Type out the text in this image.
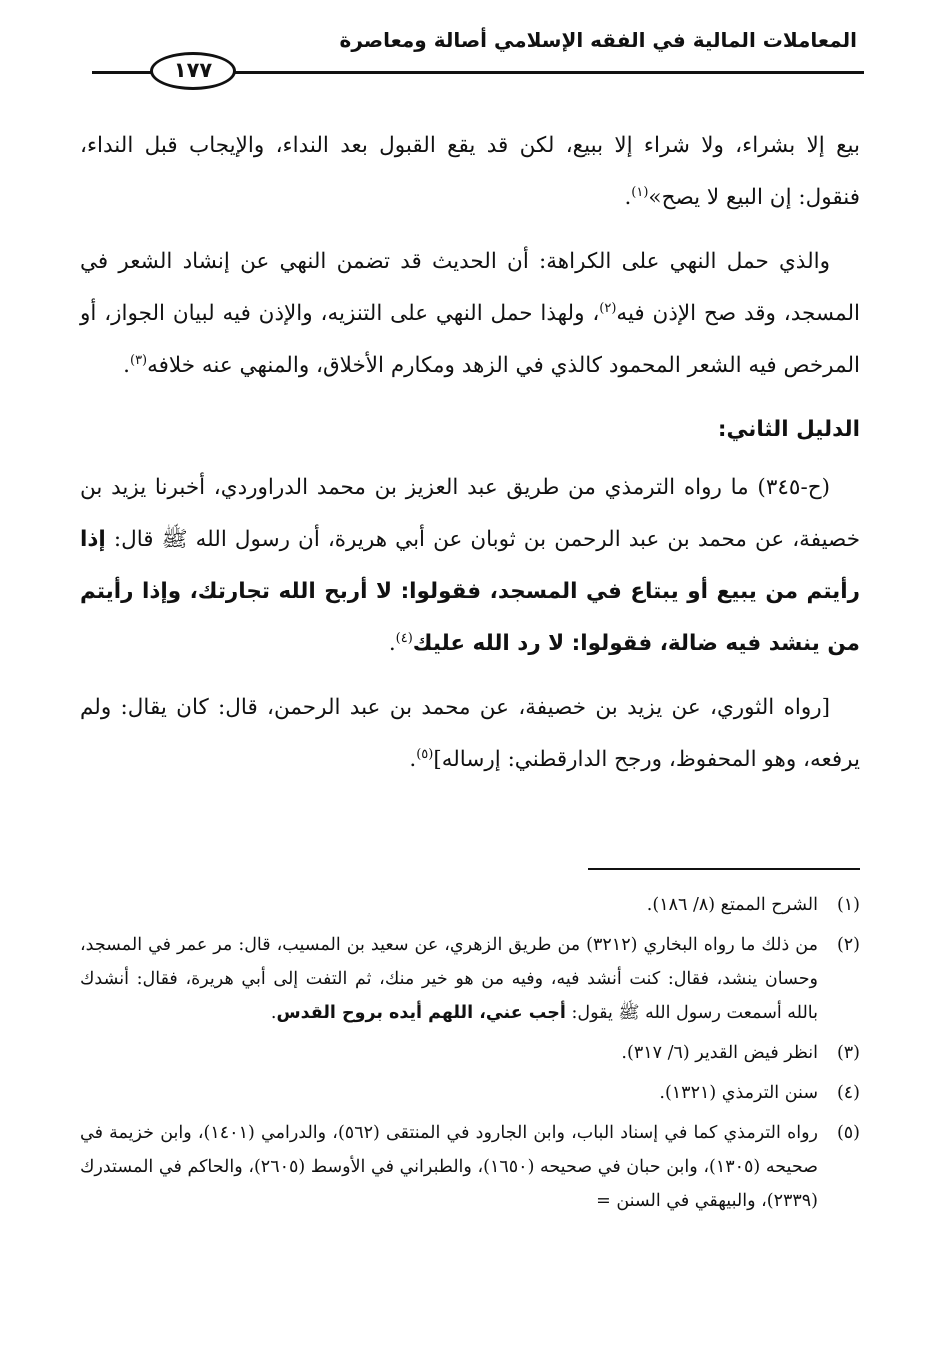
المعاملات المالية في الفقه الإسلامي أصالة ومعاصرة
١٧٧

بيع إلا بشراء، ولا شراء إلا ببيع، لكن قد يقع القبول بعد النداء، والإيجاب قبل النداء، فنقول: إن البيع لا يصح»$^{(١)}$.

والذي حمل النهي على الكراهة: أن الحديث قد تضمن النهي عن إنشاد الشعر في المسجد، وقد صح الإذن فيه$^{(٢)}$، ولهذا حمل النهي على التنزيه، والإذن فيه لبيان الجواز، أو المرخص فيه الشعر المحمود كالذي في الزهد ومكارم الأخلاق، والمنهي عنه خلافه$^{(٣)}$.

الدليل الثاني:

(ح-٣٤٥) ما رواه الترمذي من طريق عبد العزيز بن محمد الدراوردي، أخبرنا يزيد بن خصيفة، عن محمد بن عبد الرحمن بن ثوبان عن أبي هريرة، أن رسول الله ﷺ قال: إذا رأيتم من يبيع أو يبتاع في المسجد، فقولوا: لا أربح الله تجارتك، وإذا رأيتم من ينشد فيه ضالة، فقولوا: لا رد الله عليك$^{(٤)}$.

[رواه الثوري، عن يزيد بن خصيفة، عن محمد بن عبد الرحمن، قال: كان يقال: ولم يرفعه، وهو المحفوظ، ورجح الدارقطني: إرساله]$^{(٥)}$.

(١)
الشرح الممتع (٨/ ١٨٦).
(٢)
من ذلك ما رواه البخاري (٣٢١٢) من طريق الزهري، عن سعيد بن المسيب، قال: مر عمر في المسجد، وحسان ينشد، فقال: كنت أنشد فيه، وفيه من هو خير منك، ثم التفت إلى أبي هريرة، فقال: أنشدك بالله أسمعت رسول الله ﷺ يقول: أجب عني، اللهم أيده بروح القدس.
(٣)
انظر فيض القدير (٦/ ٣١٧).
(٤)
سنن الترمذي (١٣٢١).
(٥)
رواه الترمذي كما في إسناد الباب، وابن الجارود في المنتقى (٥٦٢)، والدرامي (١٤٠١)، وابن خزيمة في صحيحه (١٣٠٥)، وابن حبان في صحيحه (١٦٥٠)، والطبراني في الأوسط (٢٦٠٥)، والحاكم في المستدرك (٢٣٣٩)، والبيهقي في السنن =
